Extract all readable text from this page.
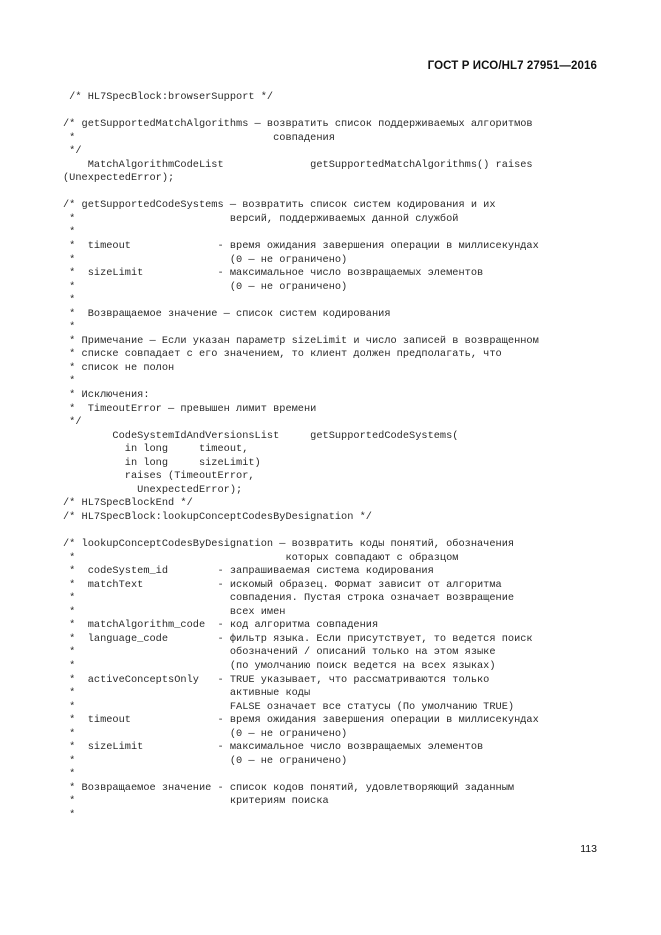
ГОСТ Р ИСО/HL7 27951—2016
/* HL7SpecBlock:browserSupport */
/* getSupportedMatchAlgorithms — возвратить список поддерживаемых алгоритмов
*                                совпадения
*/
MatchAlgorithmCodeList              getSupportedMatchAlgorithms() raises
(UnexpectedError);
/* getSupportedCodeSystems — возвратить список систем кодирования и их
*                         версий, поддерживаемых данной службой
*
*  timeout              - время ожидания завершения операции в миллисекундах
*                         (0 — не ограничено)
*  sizeLimit            - максимальное число возвращаемых элементов
*                         (0 — не ограничено)
*
*  Возвращаемое значение — список систем кодирования
*
* Примечание — Если указан параметр sizeLimit и число записей в возвращенном
* списке совпадает с его значением, то клиент должен предполагать, что
* список не полон
*
* Исключения:
*  TimeoutError — превышен лимит времени
*/
CodeSystemIdAndVersionsList     getSupportedCodeSystems(
in long     timeout,
in long     sizeLimit)
raises (TimeoutError,
UnexpectedError);
/* HL7SpecBlockEnd */
/* HL7SpecBlock:lookupConceptCodesByDesignation */
/* lookupConceptCodesByDesignation — возвратить коды понятий, обозначения
*                                  которых совпадают с образцом
*  codeSystem_id        - запрашиваемая система кодирования
*  matchText            - искомый образец. Формат зависит от алгоритма
*                         совпадения. Пустая строка означает возвращение
*                         всех имен
*  matchAlgorithm_code  - код алгоритма совпадения
*  language_code        - фильтр языка. Если присутствует, то ведется поиск
*                         обозначений / описаний только на этом языке
*                         (по умолчанию поиск ведется на всех языках)
*  activeConceptsOnly   - TRUE указывает, что рассматриваются только
*                         активные коды
*                         FALSE означает все статусы (По умолчанию TRUE)
*  timeout              - время ожидания завершения операции в миллисекундах
*                         (0 — не ограничено)
*  sizeLimit            - максимальное число возвращаемых элементов
*                         (0 — не ограничено)
*
* Возвращаемое значение - список кодов понятий, удовлетворяющий заданным
*                         критериям поиска
*
113
